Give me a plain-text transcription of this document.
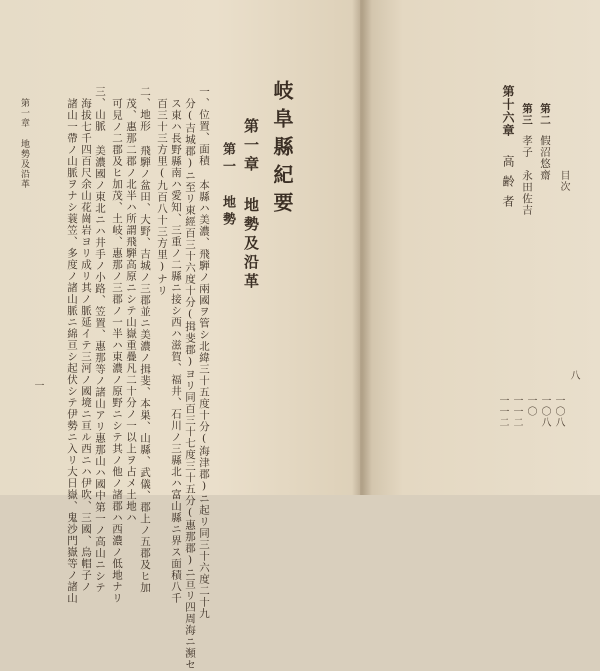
目次
第十六章
高齢者
第二
假沼悠齋
第三
孝子
永田佐吉
八
一〇八
一〇八
一〇
一一二
一一二
岐阜縣紀要
第一章 地勢及沿革
第一 地勢
一、位置、面積 本縣ハ美濃、飛騨ノ兩國ヲ管シ北緯三十五度十分(海津郡)ニ起リ同三十六度二十九
分(吉城郡)ニ至リ東經百三十六度十分(揖斐郡)ヨリ同百三十七度三十五分(惠那郡)ニ亘リ四周海ニ瀕セ
ス東ハ長野縣南ハ愛知、三重ノ二縣ニ接シ西ハ滋賀、福井、石川ノ三縣北ハ富山縣ニ界ス面積八千
百三十三方里(九百八十三方里)ナリ
二、地形 飛騨ノ盆田、大野、吉城ノ三郡並ニ美濃ノ揖斐、本巣、山縣、武儀、郡上ノ五郡及ヒ加
茂、惠那二郡ノ北半ハ所謂飛騨高原ニシテ山嶽重疊凡二十分ノ一以上ヲ占メ土地ハ
可見ノ二郡及ヒ加茂、土岐、惠那ノ三郡ノ一半ハ東濃ノ原野ニシテ其ノ他ノ諸郡ハ西濃ノ低地ナリ
三、山脈 美濃國ノ東北ニハ井手ノ小路、笠置、惠那等ノ諸山アリ惠那山ハ國中第一ノ高山ニシテ
海拔七千四百尺余山花崗岩ヨリ成リ其ノ脈延イテ三河ノ國境ニ亘ル西ニハ伊吹、三國、烏帽子ノ
諸山一帶ノ山脈ヲナシ蓑笠、多度ノ諸山脈ニ綿亘シ起伏シテ伊勢ニ入リ大日嶽、鬼沙門嶽等ノ諸山
第一章 地勢及沿革
一
